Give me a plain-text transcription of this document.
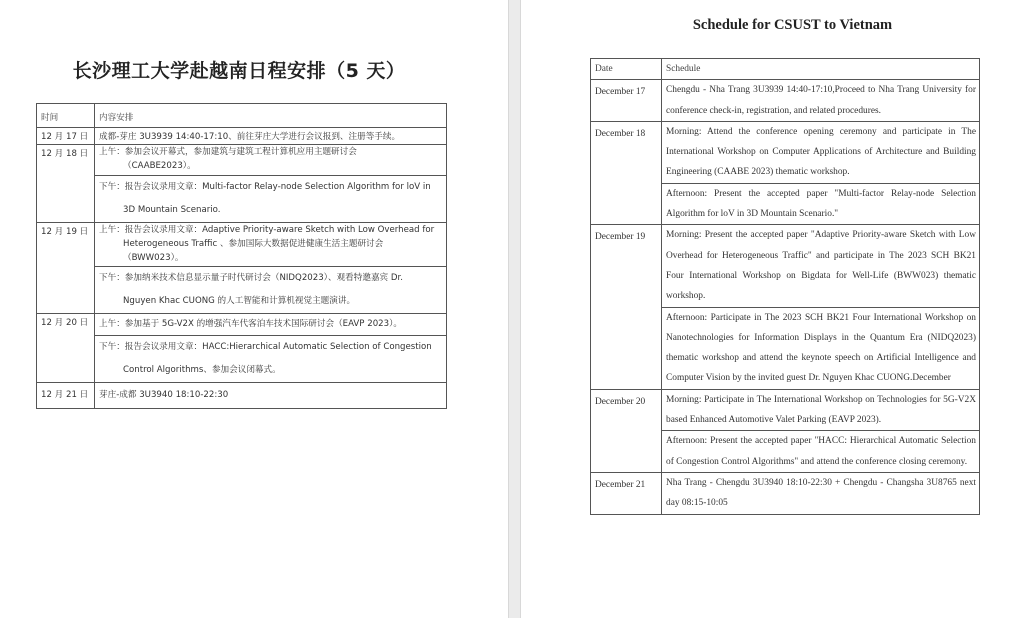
长沙理工大学赴越南日程安排（5 天）
时间	内容安排
12 月 17 日	成都-芽庄 3U3939 14:40-17:10、前往芽庄大学进行会议报到、注册等手续。
12 月 18 日	上午：参加会议开幕式，参加建筑与建筑工程计算机应用主题研讨会
（CAABE2023）。

	下午：报告会议录用文章：Multi-factor Relay-node Selection Algorithm for loV in
3D Mountain Scenario.

12 月 19 日	上午：报告会议录用文章：Adaptive Priority-aware Sketch with Low Overhead for
Heterogeneous Traffic 、参加国际大数据促进健康生活主题研讨会
（BWW023）。

	下午：参加纳米技术信息显示量子时代研讨会（NIDQ2023）、观看特邀嘉宾 Dr.
Nguyen Khac CUONG 的人工智能和计算机视觉主题演讲。

12 月 20 日	上午：参加基于 5G-V2X 的增强汽车代客泊车技术国际研讨会（EAVP 2023）。

	下午：报告会议录用文章：HACC:Hierarchical Automatic Selection of Congestion
Control Algorithms、参加会议闭幕式。

12 月 21 日	芽庄-成都 3U3940 18:10-22:30
Schedule for CSUST to Vietnam
Date	Schedule
December 17	Chengdu - Nha Trang 3U3939 14:40-17:10,Proceed to Nha Trang University for conference check-in, registration, and related procedures.
December 18	Morning: Attend the conference opening ceremony and participate in The International Workshop on Computer Applications of Architecture and Building Engineering (CAABE 2023) thematic workshop.
	Afternoon: Present the accepted paper "Multi-factor Relay-node Selection Algorithm for loV in 3D Mountain Scenario."
December 19	Morning: Present the accepted paper "Adaptive Priority-aware Sketch with Low Overhead for Heterogeneous Traffic" and participate in The 2023 SCH BK21 Four International Workshop on Bigdata for Well-Life (BWW023) thematic workshop.
	Afternoon: Participate in The 2023 SCH BK21 Four International Workshop on Nanotechnologies for Information Displays in the Quantum Era (NIDQ2023) thematic workshop and attend the keynote speech on Artificial Intelligence and Computer Vision by the invited guest Dr. Nguyen Khac CUONG.December
December 20	Morning: Participate in The International Workshop on Technologies for 5G-V2X based Enhanced Automotive Valet Parking (EAVP 2023).
	Afternoon: Present the accepted paper "HACC: Hierarchical Automatic Selection of Congestion Control Algorithms" and attend the conference closing ceremony.
December 21	Nha Trang - Chengdu 3U3940 18:10-22:30 + Chengdu - Changsha 3U8765 next day 08:15-10:05
